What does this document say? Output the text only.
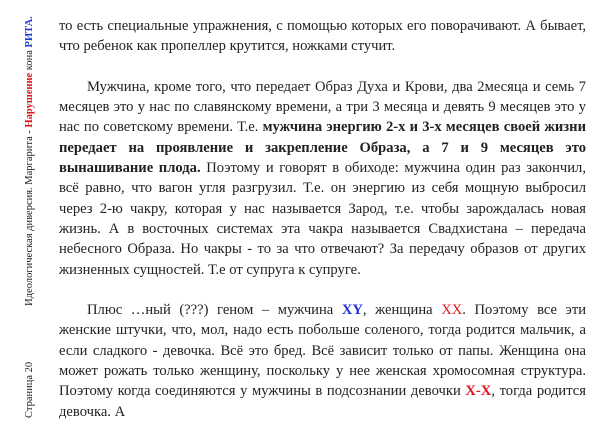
Страница 20Идеологическая диверсия. Маргарита - Нарушение кона РИТА. то есть специальные упражнения, с помощью которых его поворачивают. А бывает, что ребенок как пропеллер крутится, ножками стучит.

Мужчина, кроме того, что передает Образ Духа и Крови, два 2месяца и семь 7 месяцев это у нас по славянскому времени, а три 3 месяца и девять 9 месяцев это у нас по советскому времени. Т.е. мужчина энергию 2-х и 3-х месяцев своей жизни передает на проявление и закрепление Образа, а 7 и 9 месяцев это вынашивание плода. Поэтому и говорят в обиходе: мужчина один раз закончил, всё равно, что вагон угля разгрузил. Т.е. он энергию из себя мощную выбросил через 2-ю чакру, которая у нас называется Зарод, т.е. чтобы зарождалась новая жизнь. А в восточных системах эта чакра называется Свадхистана – передача небесного Образа. Но чакры - то за что отвечают? За передачу образов от других жизненных сущностей. Т.е от супруга к супруге.

Плюс …ный (???) геном – мужчина XY, женщина XX. Поэтому все эти женские штучки, что, мол, надо есть побольше соленого, тогда родится мальчик, а если сладкого - девочка. Всё это бред. Всё зависит только от папы. Женщина она может рожать только женщину, поскольку у нее женская хромосомная структура. Поэтому когда соединяются у мужчины в подсознании девочки X-X, тогда родится девочка. А
